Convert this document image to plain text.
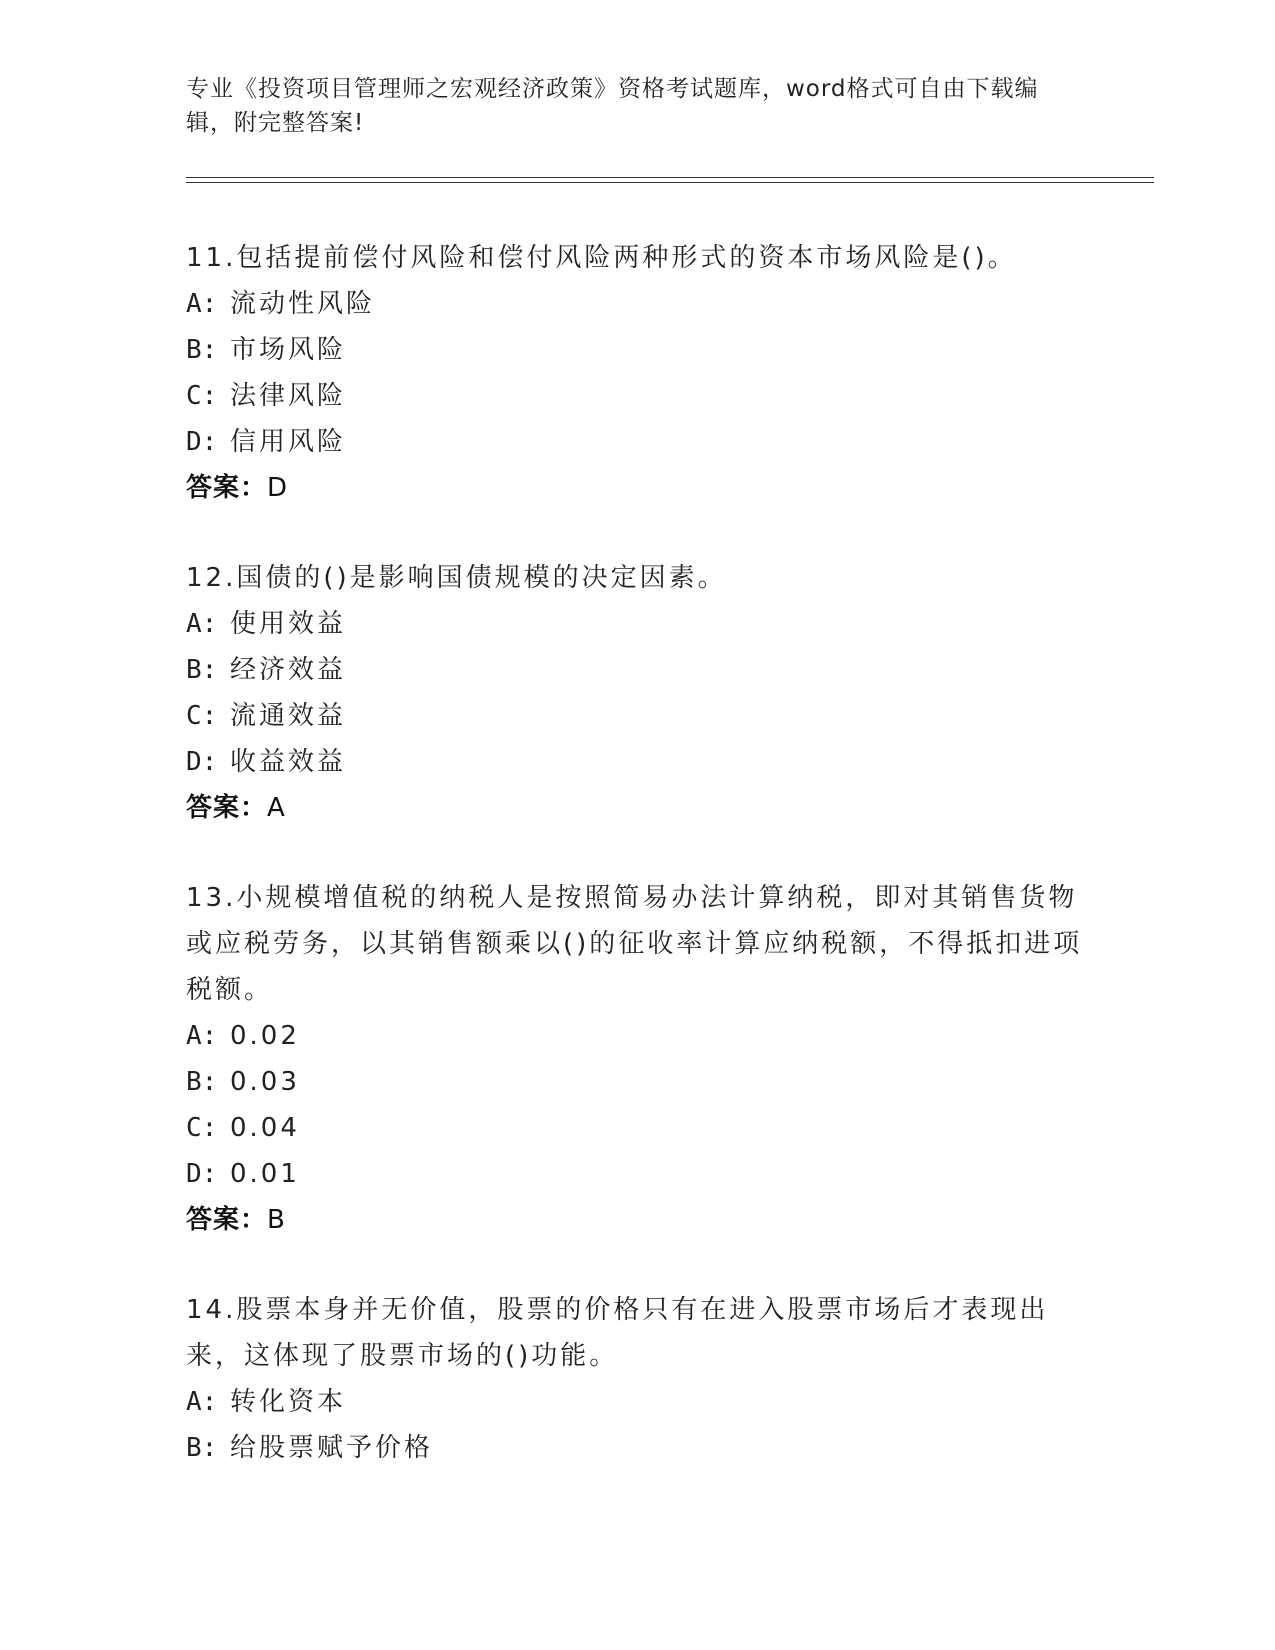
专业《投资项目管理师之宏观经济政策》资格考试题库，word格式可自由下载编辑，附完整答案!
11.包括提前偿付风险和偿付风险两种形式的资本市场风险是()。
A: 流动性风险
B: 市场风险
C: 法律风险
D: 信用风险
答案：D
12.国债的()是影响国债规模的决定因素。
A: 使用效益
B: 经济效益
C: 流通效益
D: 收益效益
答案：A
13.小规模增值税的纳税人是按照简易办法计算纳税，即对其销售货物或应税劳务，以其销售额乘以()的征收率计算应纳税额，不得抵扣进项税额。
A: 0.02
B: 0.03
C: 0.04
D: 0.01
答案：B
14.股票本身并无价值，股票的价格只有在进入股票市场后才表现出来，这体现了股票市场的()功能。
A: 转化资本
B: 给股票赋予价格
